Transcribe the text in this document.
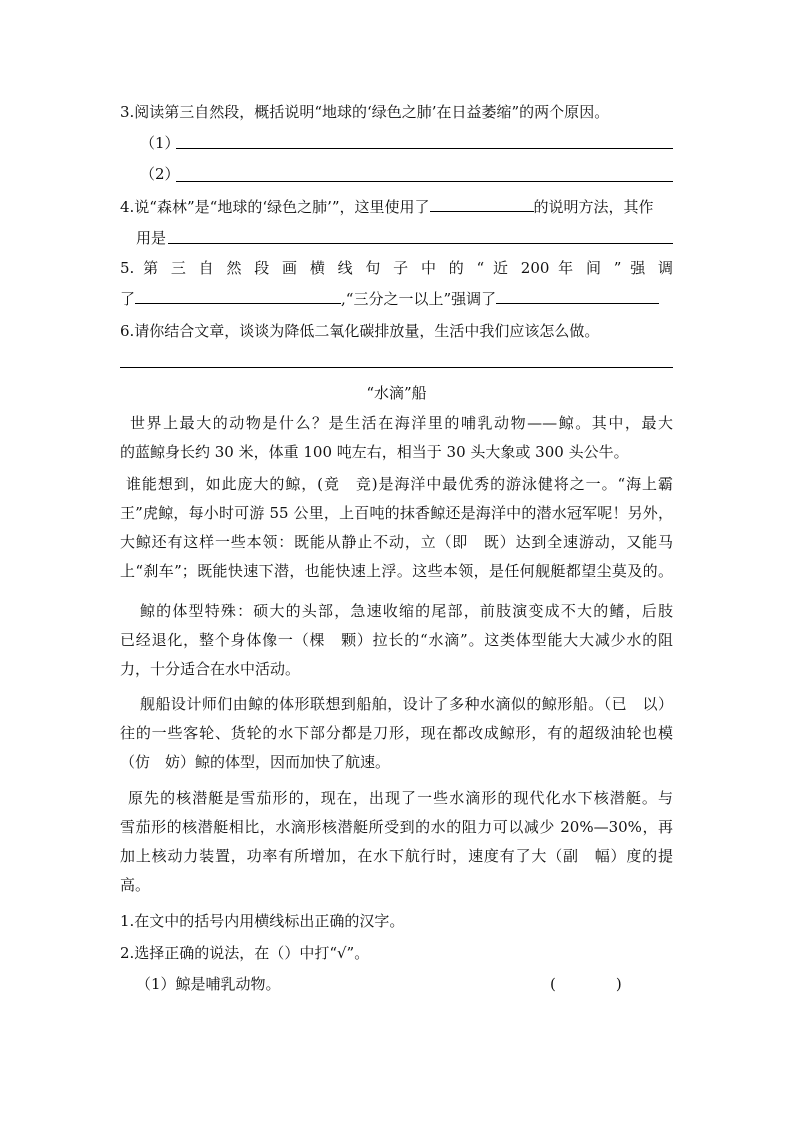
3.阅读第三自然段，概括说明“地球的‘绿色之肺’在日益萎缩”的两个原因。
（1）
（2）
4.说“森林”是“地球的‘绿色之肺’”，这里使用了	的说明方法，其作
用是
5. 第 三 自 然 段 画 横 线 句 子 中 的 “ 近 200 年 间 ” 强 调
了	,“三分之一以上”强调了
6.请你结合文章，谈谈为降低二氧化碳排放量，生活中我们应该怎么做。
“水滴”船
世界上最大的动物是什么？是生活在海洋里的哺乳动物——鲸。其中，最大
的蓝鲸身长约 30 米，体重 100 吨左右，相当于 30 头大象或 300 头公牛。
谁能想到，如此庞大的鲸，(竟　竞)是海洋中最优秀的游泳健将之一。“海上霸
王”虎鲸，每小时可游 55 公里，上百吨的抹香鲸还是海洋中的潜水冠军呢！另外，
大鲸还有这样一些本领：既能从静止不动，立（即　既）达到全速游动，又能马
上“刹车”；既能快速下潜，也能快速上浮。这些本领，是任何舰艇都望尘莫及的。
鲸的体型特殊：硕大的头部，急速收缩的尾部，前肢演变成不大的鳍，后肢
已经退化，整个身体像一（棵　颗）拉长的“水滴”。这类体型能大大减少水的阻
力，十分适合在水中活动。
舰船设计师们由鲸的体形联想到船舶，设计了多种水滴似的鲸形船。（已　以）
往的一些客轮、货轮的水下部分都是刀形，现在都改成鲸形，有的超级油轮也模
（仿　妨）鲸的体型，因而加快了航速。
原先的核潜艇是雪茄形的，现在，出现了一些水滴形的现代化水下核潜艇。与
雪茄形的核潜艇相比，水滴形核潜艇所受到的水的阻力可以减少 20%—30%，再
加上核动力装置，功率有所增加，在水下航行时，速度有了大（副　幅）度的提
高。
1.在文中的括号内用横线标出正确的汉字。
2.选择正确的说法，在（）中打“√”。
（1）鲸是哺乳动物。	(　　　　)
